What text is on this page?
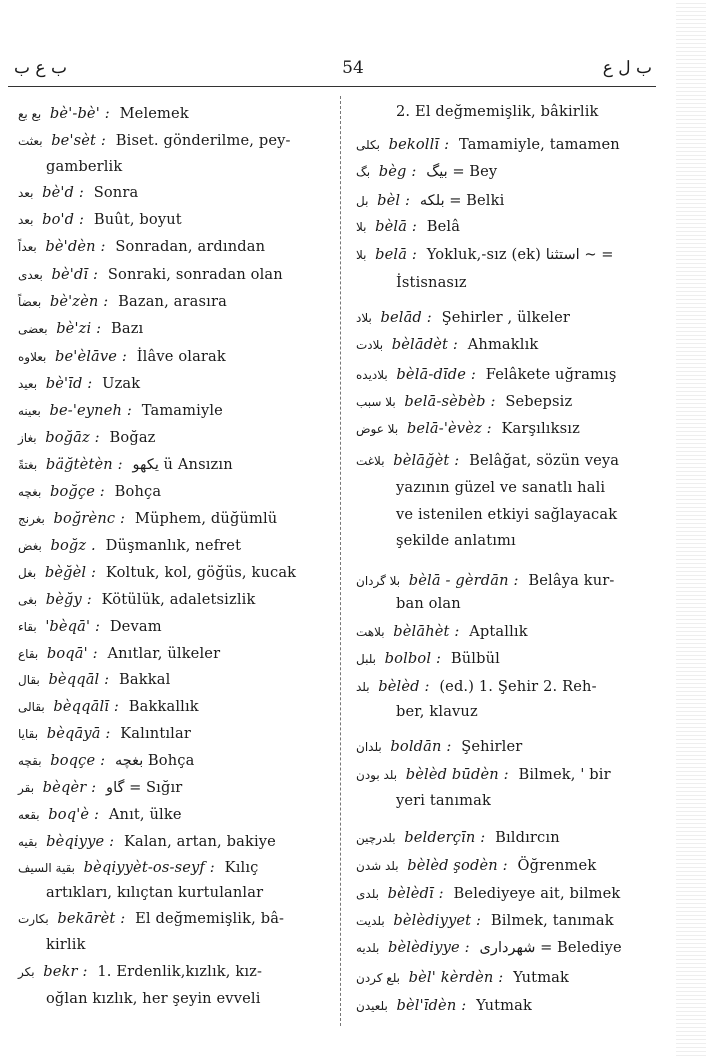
ب ع ب	54	ب ل ع
بع بع bè'-bè' : Melemek
بعثت be'sèt : Biset. gönderilme, pey-
gamberlik
بعد bè'd : Sonra
بعد bo'd : Buût, boyut
بعداً bè'dèn : Sonradan, ardından
بعدی bè'dī : Sonraki, sonradan olan
بعضاً bè'zèn : Bazan, arasıra
بعضی bè'zi : Bazı
بعلاوه be'èlāve : İlâve olarak
بعید bè'īd : Uzak
بعینه be-'eyneh : Tamamiyle
بغاز boğāz : Boğaz
بغتةً bäğtètèn : یکهو ü Ansızın
بغچه boğçe : Bohça
بغرنج boğrènc : Müphem, düğümlü
بغض boğz . Düşmanlık, nefret
بغل bèğèl : Koltuk, kol, göğüs, kucak
بغی bèğy : Kötülük, adaletsizlik
بقاء 'bèqā' : Devam
بقاع boqā' : Anıtlar, ülkeler
بقال bèqqāl : Bakkal
بقالی bèqqālī : Bakkallık
بقایا bèqāyā : Kalıntılar
بقچه boqçe : بغچه Bohça
بقر bèqèr : گاو = Sığır
بقعه boq'è : Anıt, ülke
بقیه bèqiyye : Kalan, artan, bakiye
بقیة السیف bèqiyyèt-os-seyf : Kılıç
artıkları, kılıçtan kurtulanlar
بکارت bekārèt : El değmemişlik, bâ-
kirlik
بکر bekr : 1. Erdenlik,kızlık, kız-
oğlan kızlık, her şeyin evveli
2. El değmemişlik, bâkirlik
بکلی bekollī : Tamamiyle, tamamen
بگ bèg : بیگ = Bey
بل bèl : بلکه = Belki
بلا bèlā : Belâ
بلا belā : Yokluk,-sız (ek) استثنا ~ =
İstisnasız
بلاد belād : Şehirler , ülkeler
بلادت bèlādèt : Ahmaklık
بلادیده bèlā-dīde : Felâkete uğramış
بلا سبب belā-sèbèb : Sebepsiz
بلا عوض belā-'èvèz : Karşılıksız
بلاغت bèlāğèt : Belâğat, sözün veya
yazının güzel ve sanatlı hali
ve istenilen etkiyi sağlayacak
şekilde anlatımı
بلا گردان bèlā - gèrdān : Belâya kur-
ban olan
بلاهت bèlāhèt : Aptallık
بلبل bolbol : Bülbül
بلد bèlèd : (ed.) 1. Şehir 2. Reh-
ber, klavuz
بلدان boldān : Şehirler
بلد بودن bèlèd būdèn : Bilmek, ' bir
yeri tanımak
بلدرچین belderçīn : Bıldırcın
بلد شدن bèlèd şodèn : Öğrenmek
بلدی bèlèdī : Belediyeye ait, bilmek
بلدیت bèlèdiyyet : Bilmek, tanımak
بلدیه bèlèdiyye : شهرداری = Belediye
بلع کردن bèl' kèrdèn : Yutmak
بلعیدن bèl'īdèn : Yutmak
